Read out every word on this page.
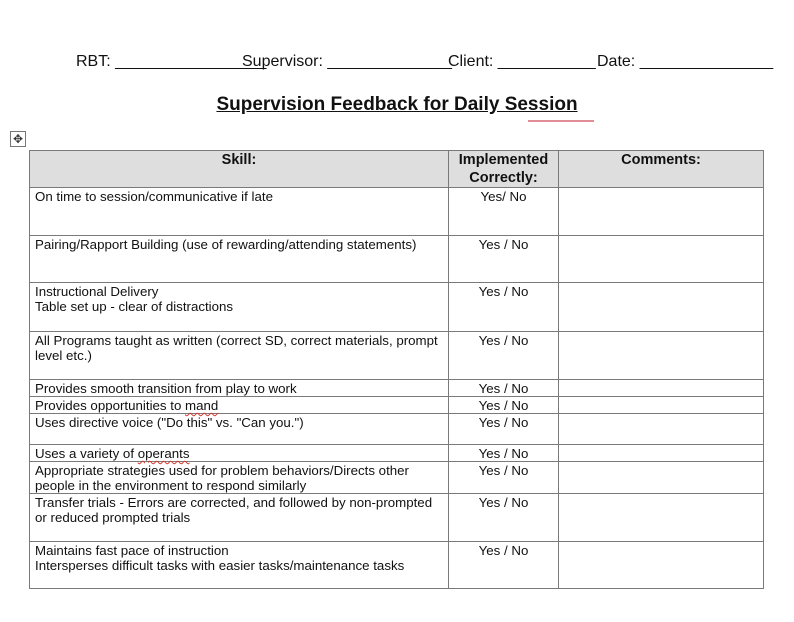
RBT: _________________
Supervisor: ______________
Client: ___________ Date: _______________
Supervision Feedback for Daily Session
✥
Skill:	Implemented Correctly:	Comments:
On time to session/communicative if late	Yes/ No	
Pairing/Rapport Building (use of rewarding/attending statements)	Yes / No	

Instructional Delivery
Table set up - clear of distractions	Yes / No	
All Programs taught as written (correct SD, correct materials, prompt level etc.)	Yes / No	
Provides smooth transition from play to work	Yes / No	
Provides opportunities to mand	Yes / No	
Uses directive voice ("Do this" vs. "Can you.")	Yes / No	
Uses a variety of operants	Yes / No	
Appropriate strategies used for problem behaviors/Directs other people in the environment to respond similarly	Yes / No	
Transfer trials - Errors are corrected, and followed by non-prompted or reduced prompted trials	Yes / No	

Maintains fast pace of instruction
Intersperses difficult tasks with easier tasks/maintenance tasks	Yes / No	
